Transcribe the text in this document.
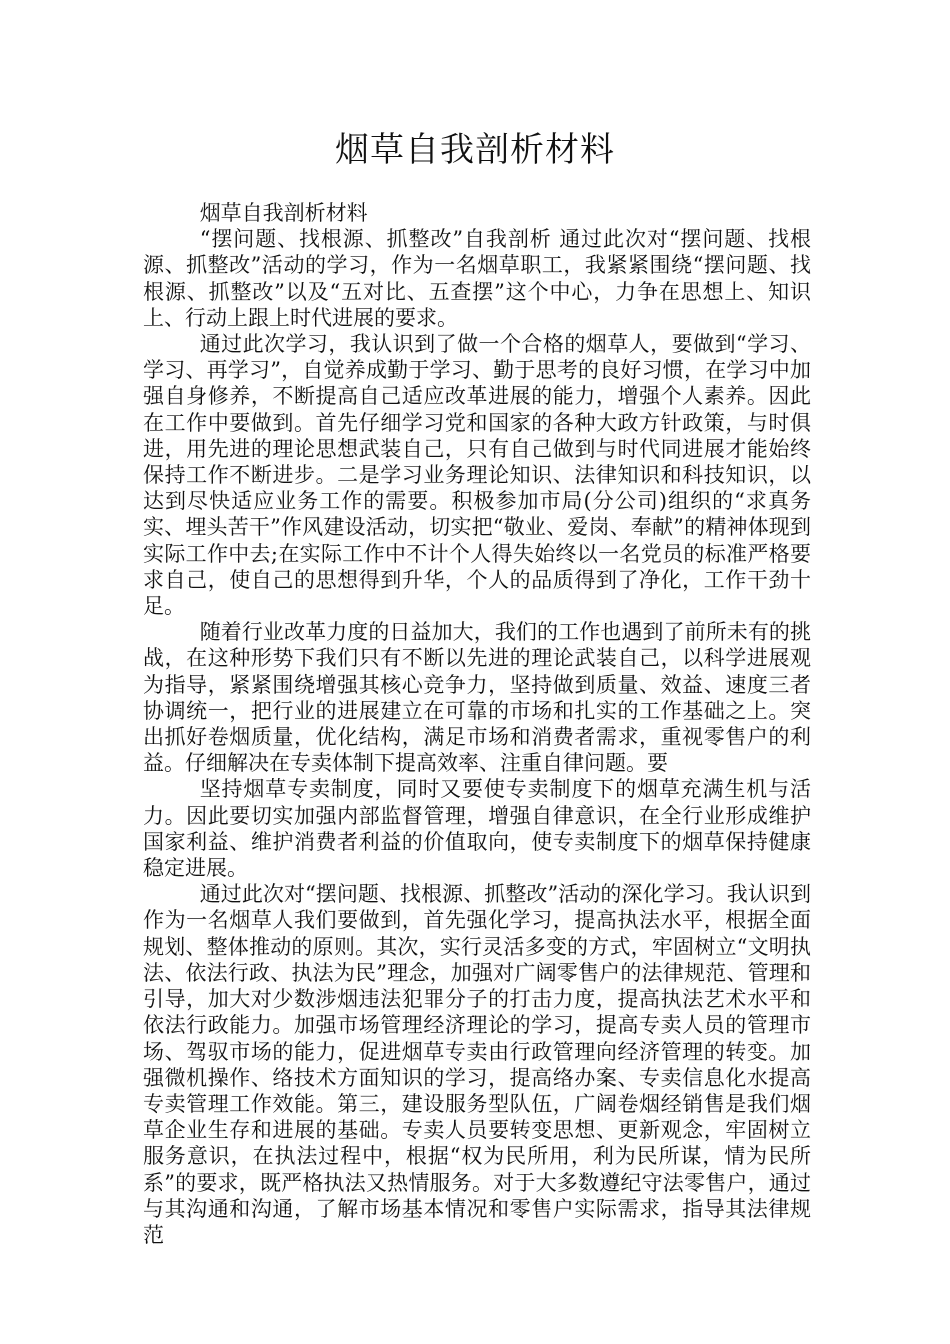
烟草自我剖析材料

烟草自我剖析材料

“摆问题、找根源、抓整改”自我剖析 通过此次对“摆问题、找根源、抓整改”活动的学习，作为一名烟草职工，我紧紧围绕“摆问题、找根源、抓整改”以及“五对比、五查摆”这个中心，力争在思想上、知识上、行动上跟上时代进展的要求。

通过此次学习，我认识到了做一个合格的烟草人，要做到“学习、学习、再学习”，自觉养成勤于学习、勤于思考的良好习惯，在学习中加强自身修养，不断提高自己适应改革进展的能力，增强个人素养。因此在工作中要做到。首先仔细学习党和国家的各种大政方针政策，与时俱进，用先进的理论思想武装自己，只有自己做到与时代同进展才能始终保持工作不断进步。二是学习业务理论知识、法律知识和科技知识，以达到尽快适应业务工作的需要。积极参加市局(分公司)组织的“求真务实、埋头苦干”作风建设活动，切实把“敬业、爱岗、奉献”的精神体现到实际工作中去;在实际工作中不计个人得失始终以一名党员的标准严格要求自己，使自己的思想得到升华，个人的品质得到了净化，工作干劲十足。

随着行业改革力度的日益加大，我们的工作也遇到了前所未有的挑战，在这种形势下我们只有不断以先进的理论武装自己，以科学进展观为指导，紧紧围绕增强其核心竞争力，坚持做到质量、效益、速度三者协调统一，把行业的进展建立在可靠的市场和扎实的工作基础之上。突出抓好卷烟质量，优化结构，满足市场和消费者需求，重视零售户的利益。仔细解决在专卖体制下提高效率、注重自律问题。要

坚持烟草专卖制度，同时又要使专卖制度下的烟草充满生机与活力。因此要切实加强内部监督管理，增强自律意识，在全行业形成维护国家利益、维护消费者利益的价值取向，使专卖制度下的烟草保持健康稳定进展。

通过此次对“摆问题、找根源、抓整改”活动的深化学习。我认识到作为一名烟草人我们要做到，首先强化学习，提高执法水平，根据全面规划、整体推动的原则。其次，实行灵活多变的方式，牢固树立“文明执法、依法行政、执法为民”理念，加强对广阔零售户的法律规范、管理和引导，加大对少数涉烟违法犯罪分子的打击力度，提高执法艺术水平和依法行政能力。加强市场管理经济理论的学习，提高专卖人员的管理市场、驾驭市场的能力，促进烟草专卖由行政管理向经济管理的转变。加强微机操作、络技术方面知识的学习，提高络办案、专卖信息化水提高专卖管理工作效能。第三，建设服务型队伍，广阔卷烟经销售是我们烟草企业生存和进展的基础。专卖人员要转变思想、更新观念，牢固树立服务意识，在执法过程中，根据“权为民所用，利为民所谋，情为民所系”的要求，既严格执法又热情服务。对于大多数遵纪守法零售户，通过与其沟通和沟通，了解市场基本情况和零售户实际需求，指导其法律规范
